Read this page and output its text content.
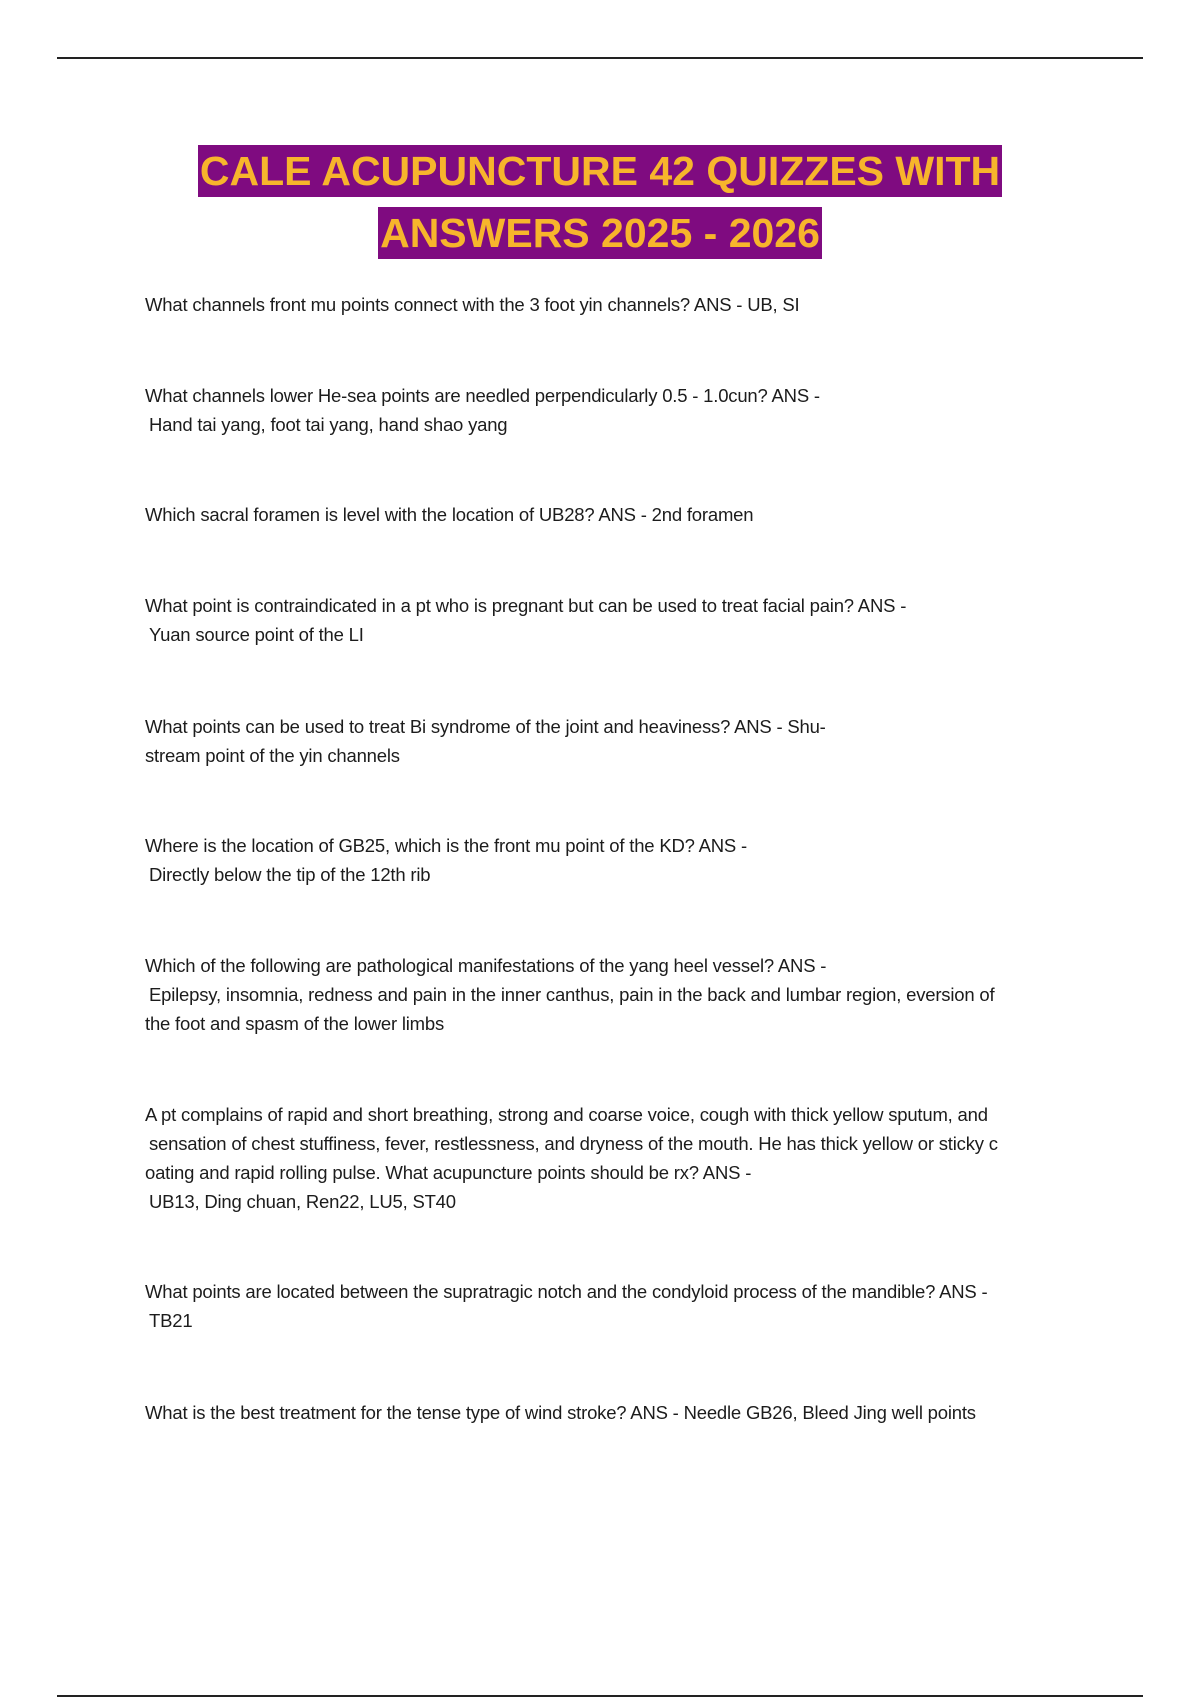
CALE ACUPUNCTURE 42 QUIZZES WITH
ANSWERS 2025 - 2026
What channels front mu points connect with the 3 foot yin channels? ANS - UB, SI
What channels lower He-sea points are needled perpendicularly 0.5 - 1.0cun? ANS -
Hand tai yang, foot tai yang, hand shao yang
Which sacral foramen is level with the location of UB28? ANS - 2nd foramen
What point is contraindicated in a pt who is pregnant but can be used to treat facial pain? ANS -
Yuan source point of the LI
What points can be used to treat Bi syndrome of the joint and heaviness? ANS - Shu-
stream point of the yin channels
Where is the location of GB25, which is the front mu point of the KD? ANS -
Directly below the tip of the 12th rib
Which of the following are pathological manifestations of the yang heel vessel? ANS -
Epilepsy, insomnia, redness and pain in the inner canthus, pain in the back and lumbar region, eversion of
the foot and spasm of the lower limbs
A pt complains of rapid and short breathing, strong and coarse voice, cough with thick yellow sputum, and
sensation of chest stuffiness, fever, restlessness, and dryness of the mouth. He has thick yellow or sticky c
oating and rapid rolling pulse. What acupuncture points should be rx? ANS -
UB13, Ding chuan, Ren22, LU5, ST40
What points are located between the supratragic notch and the condyloid process of the mandible? ANS -
TB21
What is the best treatment for the tense type of wind stroke? ANS - Needle GB26, Bleed Jing well points
